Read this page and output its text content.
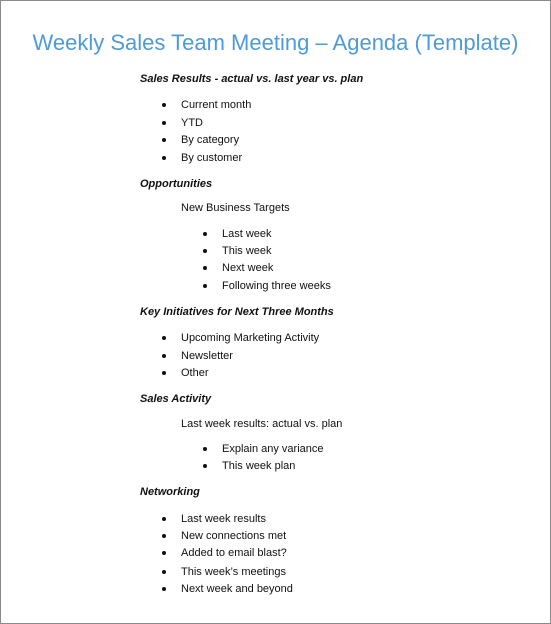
Weekly Sales Team Meeting – Agenda (Template)
Sales Results - actual vs. last year vs. plan
Current month
YTD
By category
By customer
Opportunities
New Business Targets
Last week
This week
Next week
Following three weeks
Key Initiatives for Next Three Months
Upcoming Marketing Activity
Newsletter
Other
Sales Activity
Last week results: actual vs. plan
Explain any variance
This week plan
Networking
Last week results
New connections met
Added to email blast?
This week’s meetings
Next week and beyond
